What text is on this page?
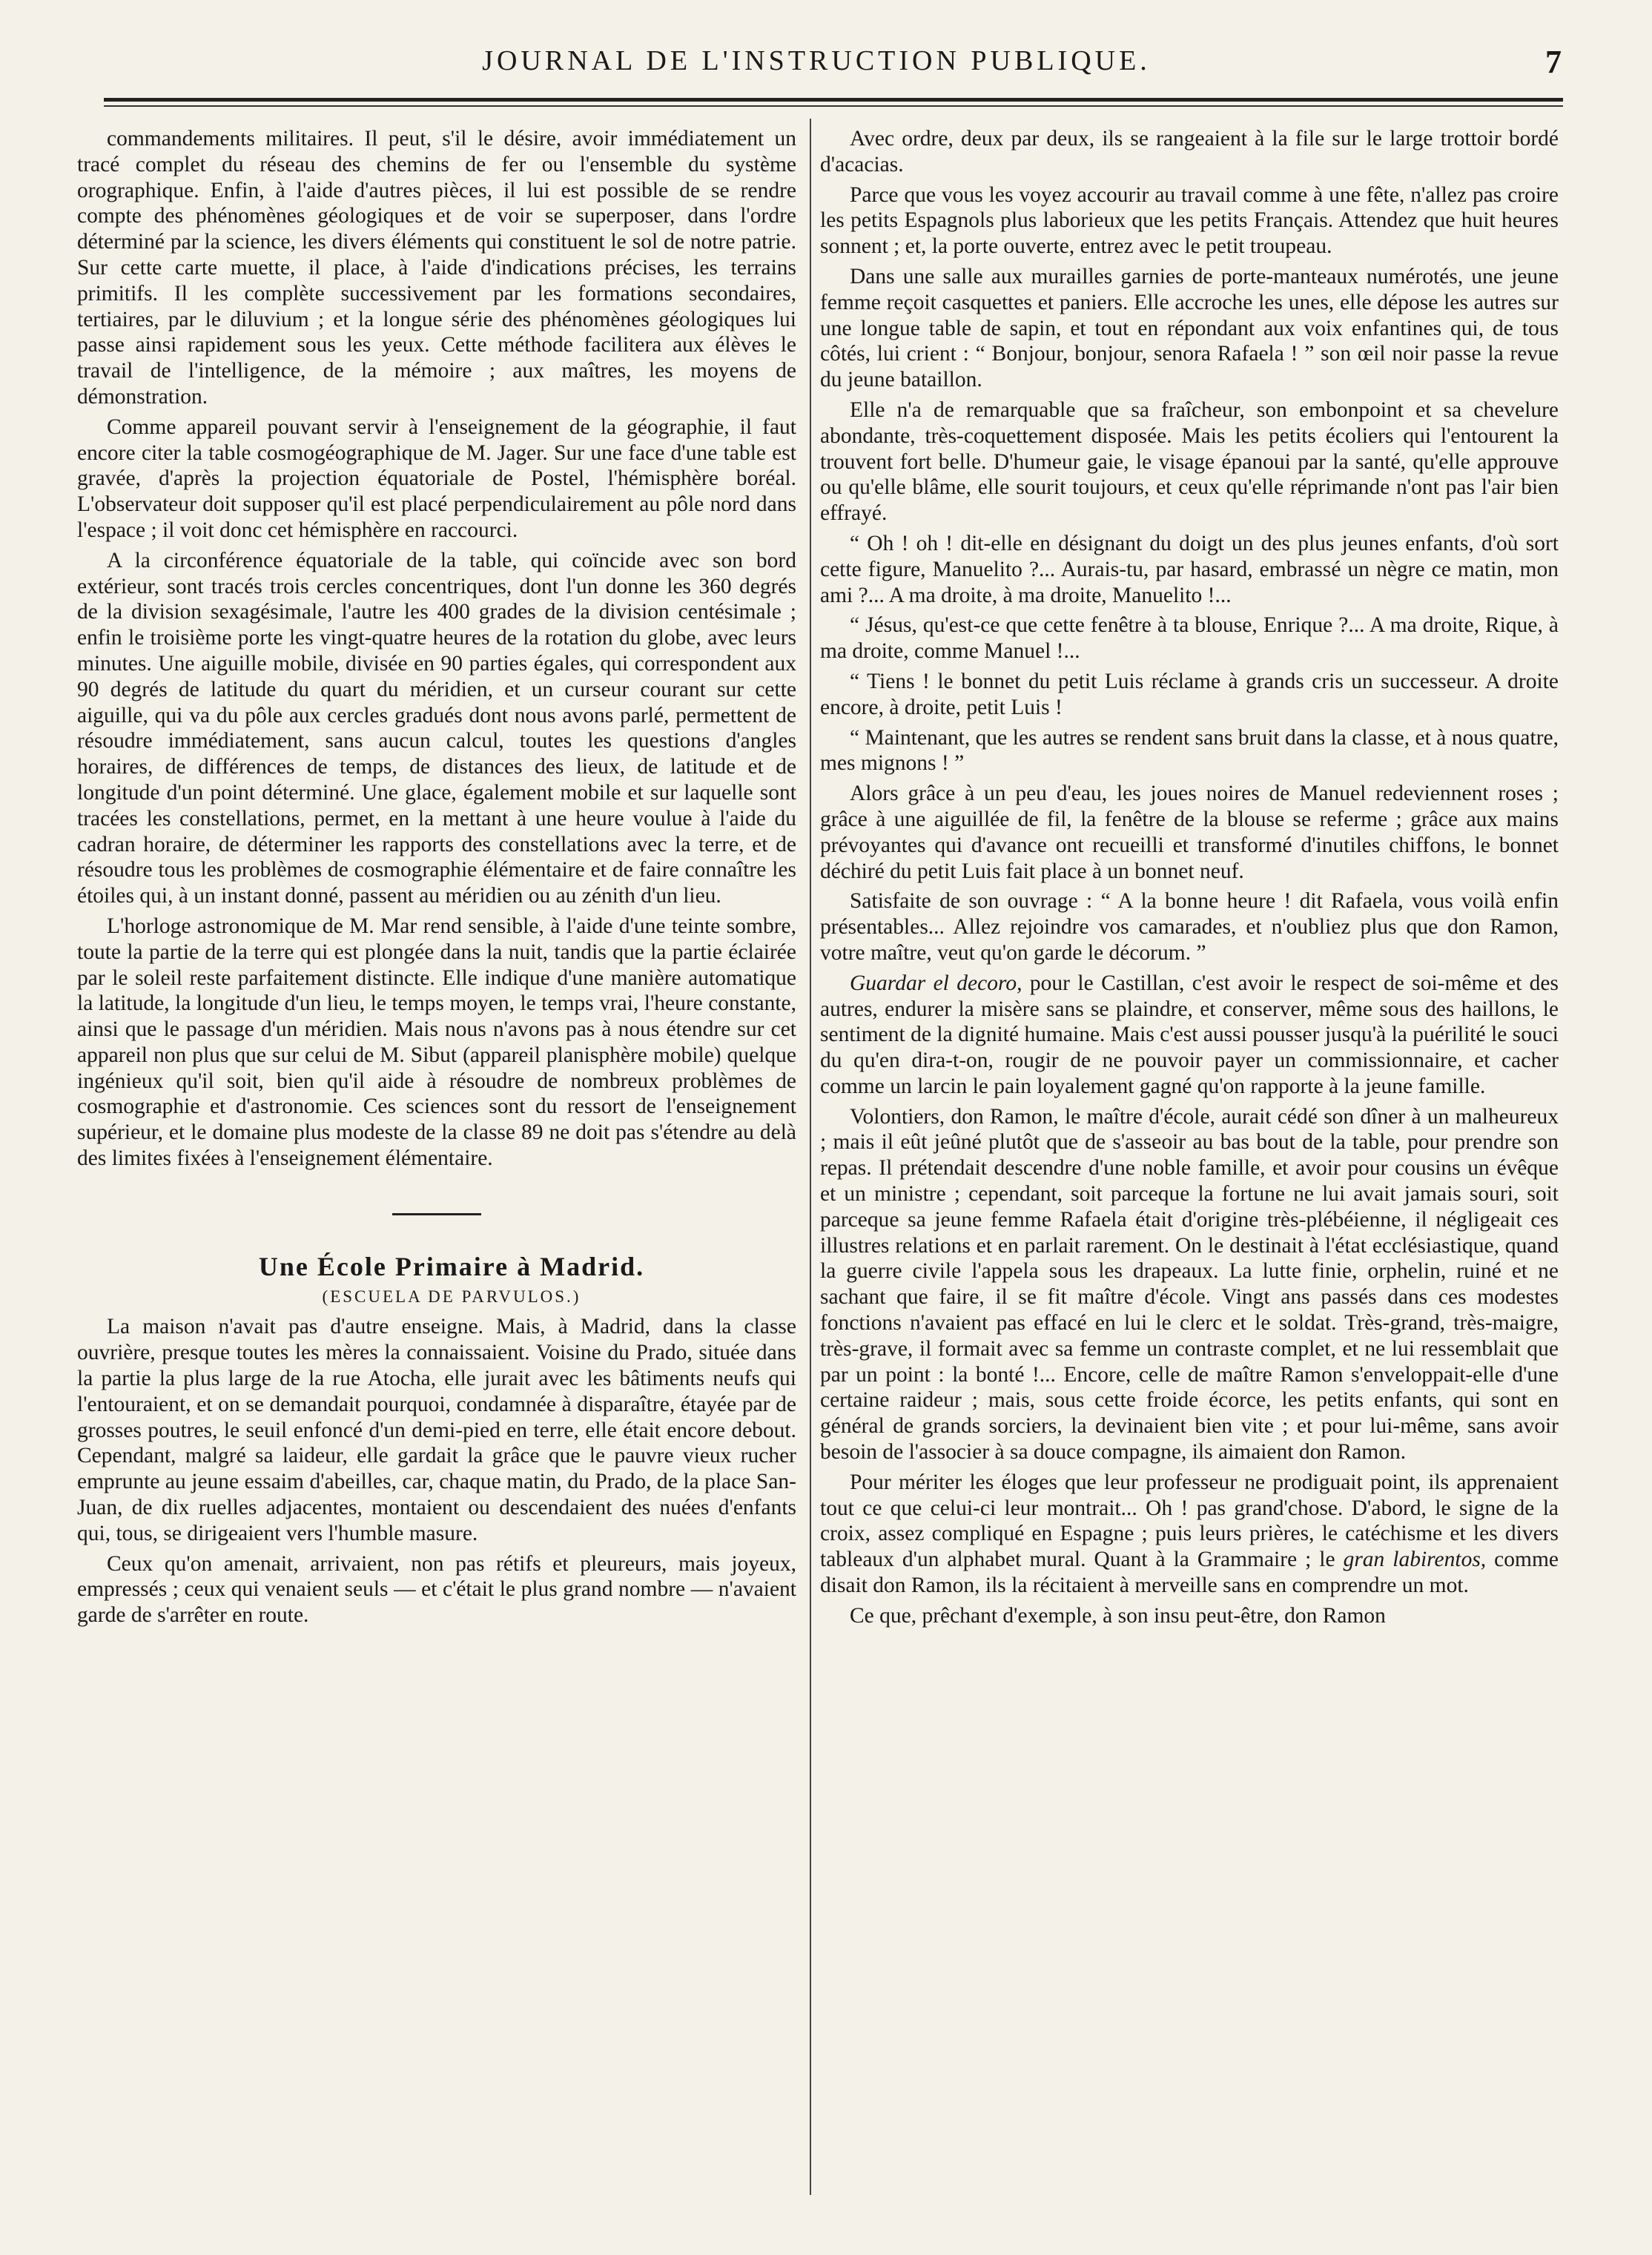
JOURNAL DE L'INSTRUCTION PUBLIQUE.	7

commandements militaires. Il peut, s'il le désire, avoir immédiatement un tracé complet du réseau des chemins de fer ou l'ensemble du système orographique. Enfin, à l'aide d'autres pièces, il lui est possible de se rendre compte des phénomènes géologiques et de voir se superposer, dans l'ordre déterminé par la science, les divers éléments qui constituent le sol de notre patrie. Sur cette carte muette, il place, à l'aide d'indications précises, les terrains primitifs. Il les complète successivement par les formations secondaires, tertiaires, par le diluvium ; et la longue série des phénomènes géologiques lui passe ainsi rapidement sous les yeux. Cette méthode facilitera aux élèves le travail de l'intelligence, de la mémoire ; aux maîtres, les moyens de démonstration.

Comme appareil pouvant servir à l'enseignement de la géographie, il faut encore citer la table cosmogéographique de M. Jager. Sur une face d'une table est gravée, d'après la projection équatoriale de Postel, l'hémisphère boréal. L'observateur doit supposer qu'il est placé perpendiculairement au pôle nord dans l'espace ; il voit donc cet hémisphère en raccourci.

A la circonférence équatoriale de la table, qui coïncide avec son bord extérieur, sont tracés trois cercles concentriques, dont l'un donne les 360 degrés de la division sexagésimale, l'autre les 400 grades de la division centésimale ; enfin le troisième porte les vingt-quatre heures de la rotation du globe, avec leurs minutes. Une aiguille mobile, divisée en 90 parties égales, qui correspondent aux 90 degrés de latitude du quart du méridien, et un curseur courant sur cette aiguille, qui va du pôle aux cercles gradués dont nous avons parlé, permettent de résoudre immédiatement, sans aucun calcul, toutes les questions d'angles horaires, de différences de temps, de distances des lieux, de latitude et de longitude d'un point déterminé. Une glace, également mobile et sur laquelle sont tracées les constellations, permet, en la mettant à une heure voulue à l'aide du cadran horaire, de déterminer les rapports des constellations avec la terre, et de résoudre tous les problèmes de cosmographie élémentaire et de faire connaître les étoiles qui, à un instant donné, passent au méridien ou au zénith d'un lieu.

L'horloge astronomique de M. Mar rend sensible, à l'aide d'une teinte sombre, toute la partie de la terre qui est plongée dans la nuit, tandis que la partie éclairée par le soleil reste parfaitement distincte. Elle indique d'une manière automatique la latitude, la longitude d'un lieu, le temps moyen, le temps vrai, l'heure constante, ainsi que le passage d'un méridien. Mais nous n'avons pas à nous étendre sur cet appareil non plus que sur celui de M. Sibut (appareil planisphère mobile) quelque ingénieux qu'il soit, bien qu'il aide à résoudre de nombreux problèmes de cosmographie et d'astronomie. Ces sciences sont du ressort de l'enseignement supérieur, et le domaine plus modeste de la classe 89 ne doit pas s'étendre au delà des limites fixées à l'enseignement élémentaire.

Une École Primaire à Madrid.

(ESCUELA DE PARVULOS.)

La maison n'avait pas d'autre enseigne. Mais, à Madrid, dans la classe ouvrière, presque toutes les mères la connaissaient. Voisine du Prado, située dans la partie la plus large de la rue Atocha, elle jurait avec les bâtiments neufs qui l'entouraient, et on se demandait pourquoi, condamnée à disparaître, étayée par de grosses poutres, le seuil enfoncé d'un demi-pied en terre, elle était encore debout. Cependant, malgré sa laideur, elle gardait la grâce que le pauvre vieux rucher emprunte au jeune essaim d'abeilles, car, chaque matin, du Prado, de la place San-Juan, de dix ruelles adjacentes, montaient ou descendaient des nuées d'enfants qui, tous, se dirigeaient vers l'humble masure.

Ceux qu'on amenait, arrivaient, non pas rétifs et pleureurs, mais joyeux, empressés ; ceux qui venaient seuls — et c'était le plus grand nombre — n'avaient garde de s'arrêter en route.

Avec ordre, deux par deux, ils se rangeaient à la file sur le large trottoir bordé d'acacias.

Parce que vous les voyez accourir au travail comme à une fête, n'allez pas croire les petits Espagnols plus laborieux que les petits Français. Attendez que huit heures sonnent ; et, la porte ouverte, entrez avec le petit troupeau.

Dans une salle aux murailles garnies de porte-manteaux numérotés, une jeune femme reçoit casquettes et paniers. Elle accroche les unes, elle dépose les autres sur une longue table de sapin, et tout en répondant aux voix enfantines qui, de tous côtés, lui crient : “ Bonjour, bonjour, senora Rafaela ! ” son œil noir passe la revue du jeune bataillon.

Elle n'a de remarquable que sa fraîcheur, son embonpoint et sa chevelure abondante, très-coquettement disposée. Mais les petits écoliers qui l'entourent la trouvent fort belle. D'humeur gaie, le visage épanoui par la santé, qu'elle approuve ou qu'elle blâme, elle sourit toujours, et ceux qu'elle réprimande n'ont pas l'air bien effrayé.

“ Oh ! oh ! dit-elle en désignant du doigt un des plus jeunes enfants, d'où sort cette figure, Manuelito ?... Aurais-tu, par hasard, embrassé un nègre ce matin, mon ami ?... A ma droite, à ma droite, Manuelito !...

“ Jésus, qu'est-ce que cette fenêtre à ta blouse, Enrique ?... A ma droite, Rique, à ma droite, comme Manuel !...

“ Tiens ! le bonnet du petit Luis réclame à grands cris un successeur. A droite encore, à droite, petit Luis !

“ Maintenant, que les autres se rendent sans bruit dans la classe, et à nous quatre, mes mignons ! ”

Alors grâce à un peu d'eau, les joues noires de Manuel redeviennent roses ; grâce à une aiguillée de fil, la fenêtre de la blouse se referme ; grâce aux mains prévoyantes qui d'avance ont recueilli et transformé d'inutiles chiffons, le bonnet déchiré du petit Luis fait place à un bonnet neuf.

Satisfaite de son ouvrage : “ A la bonne heure ! dit Rafaela, vous voilà enfin présentables... Allez rejoindre vos camarades, et n'oubliez plus que don Ramon, votre maître, veut qu'on garde le décorum. ”

Guardar el decoro, pour le Castillan, c'est avoir le respect de soi-même et des autres, endurer la misère sans se plaindre, et conserver, même sous des haillons, le sentiment de la dignité humaine. Mais c'est aussi pousser jusqu'à la puérilité le souci du qu'en dira-t-on, rougir de ne pouvoir payer un commissionnaire, et cacher comme un larcin le pain loyalement gagné qu'on rapporte à la jeune famille.

Volontiers, don Ramon, le maître d'école, aurait cédé son dîner à un malheureux ; mais il eût jeûné plutôt que de s'asseoir au bas bout de la table, pour prendre son repas. Il prétendait descendre d'une noble famille, et avoir pour cousins un évêque et un ministre ; cependant, soit parceque la fortune ne lui avait jamais souri, soit parceque sa jeune femme Rafaela était d'origine très-plébéienne, il négligeait ces illustres relations et en parlait rarement. On le destinait à l'état ecclésiastique, quand la guerre civile l'appela sous les drapeaux. La lutte finie, orphelin, ruiné et ne sachant que faire, il se fit maître d'école. Vingt ans passés dans ces modestes fonctions n'avaient pas effacé en lui le clerc et le soldat. Très-grand, très-maigre, très-grave, il formait avec sa femme un contraste complet, et ne lui ressemblait que par un point : la bonté !... Encore, celle de maître Ramon s'enveloppait-elle d'une certaine raideur ; mais, sous cette froide écorce, les petits enfants, qui sont en général de grands sorciers, la devinaient bien vite ; et pour lui-même, sans avoir besoin de l'associer à sa douce compagne, ils aimaient don Ramon.

Pour mériter les éloges que leur professeur ne prodiguait point, ils apprenaient tout ce que celui-ci leur montrait... Oh ! pas grand'chose. D'abord, le signe de la croix, assez compliqué en Espagne ; puis leurs prières, le catéchisme et les divers tableaux d'un alphabet mural. Quant à la Grammaire ; le gran labirentos, comme disait don Ramon, ils la récitaient à merveille sans en comprendre un mot.

Ce que, prêchant d'exemple, à son insu peut-être, don Ramon
